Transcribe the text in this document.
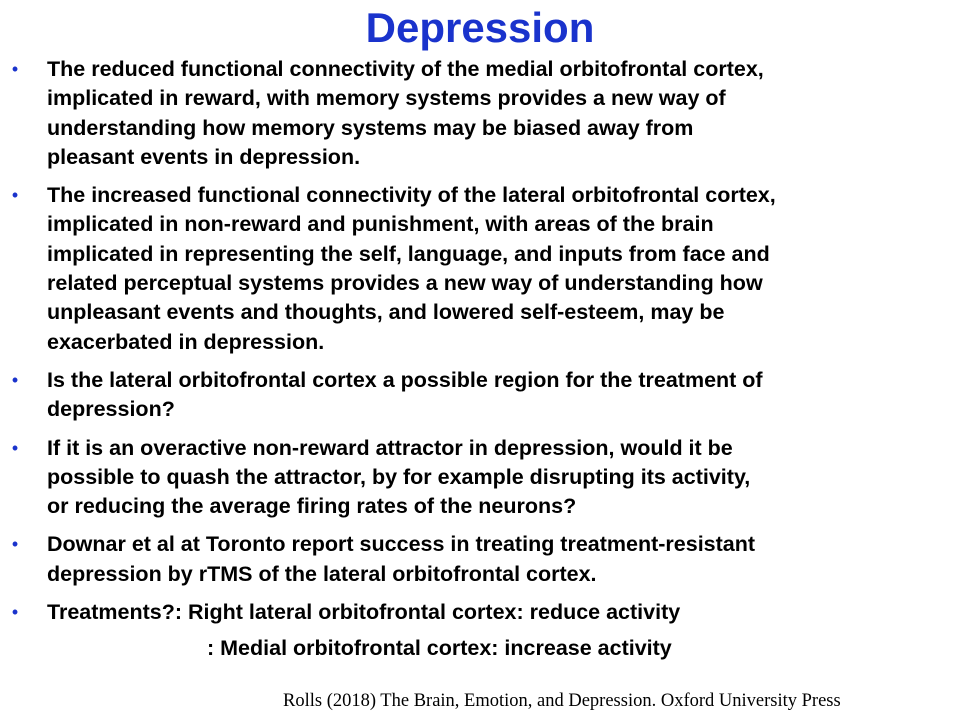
Depression
• The reduced functional connectivity of the medial orbitofrontal cortex,
implicated in reward, with memory systems provides a new way of
understanding how memory systems may be biased away from
pleasant events in depression.
• The increased functional connectivity of the lateral orbitofrontal cortex,
implicated in non-reward and punishment, with areas of the brain
implicated in representing the self, language, and inputs from face and
related perceptual systems provides a new way of understanding how
unpleasant events and thoughts, and lowered self-esteem, may be
exacerbated in depression.
• Is the lateral orbitofrontal cortex a possible region for the treatment of
depression?
• If it is an overactive non-reward attractor in depression, would it be
possible to quash the attractor, by for example disrupting its activity,
or reducing the average firing rates of the neurons?
• Downar et al at Toronto report success in treating treatment-resistant
depression by rTMS of the lateral orbitofrontal cortex.
• Treatments?: Right lateral orbitofrontal cortex: reduce activity
: Medial orbitofrontal cortex: increase activity
Rolls (2018) The Brain, Emotion, and Depression. Oxford University Press
